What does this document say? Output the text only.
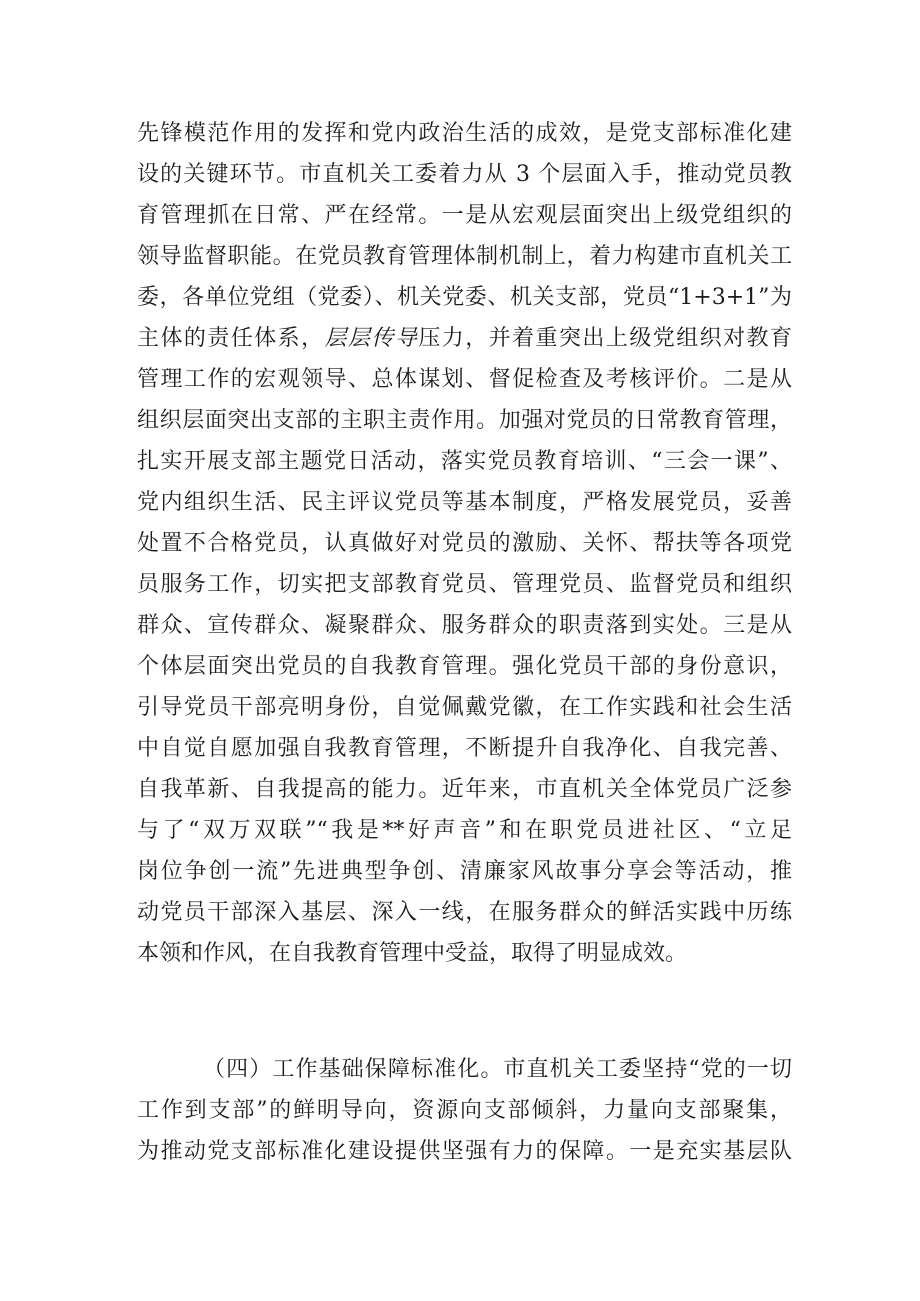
先锋模范作用的发挥和党内政治生活的成效，是党支部标准化建
设的关键环节。市直机关工委着力从 3 个层面入手，推动党员教
育管理抓在日常、严在经常。一是从宏观层面突出上级党组织的
领导监督职能。在党员教育管理体制机制上，着力构建市直机关工
委，各单位党组（党委）、机关党委、机关支部，党员“1+3+1”为
主体的责任体系，层层传导压力，并着重突出上级党组织对教育
管理工作的宏观领导、总体谋划、督促检查及考核评价。二是从
组织层面突出支部的主职主责作用。加强对党员的日常教育管理，
扎实开展支部主题党日活动，落实党员教育培训、“三会一课”、
党内组织生活、民主评议党员等基本制度，严格发展党员，妥善
处置不合格党员，认真做好对党员的激励、关怀、帮扶等各项党
员服务工作，切实把支部教育党员、管理党员、监督党员和组织
群众、宣传群众、凝聚群众、服务群众的职责落到实处。三是从
个体层面突出党员的自我教育管理。强化党员干部的身份意识，
引导党员干部亮明身份，自觉佩戴党徽，在工作实践和社会生活
中自觉自愿加强自我教育管理，不断提升自我净化、自我完善、
自我革新、自我提高的能力。近年来，市直机关全体党员广泛参
与了“双万双联”“我是**好声音”和在职党员进社区、“立足
岗位争创一流”先进典型争创、清廉家风故事分享会等活动，推
动党员干部深入基层、深入一线，在服务群众的鲜活实践中历练
本领和作风，在自我教育管理中受益，取得了明显成效。
（四）工作基础保障标准化。市直机关工委坚持“党的一切
工作到支部”的鲜明导向，资源向支部倾斜，力量向支部聚集，
为推动党支部标准化建设提供坚强有力的保障。一是充实基层队
